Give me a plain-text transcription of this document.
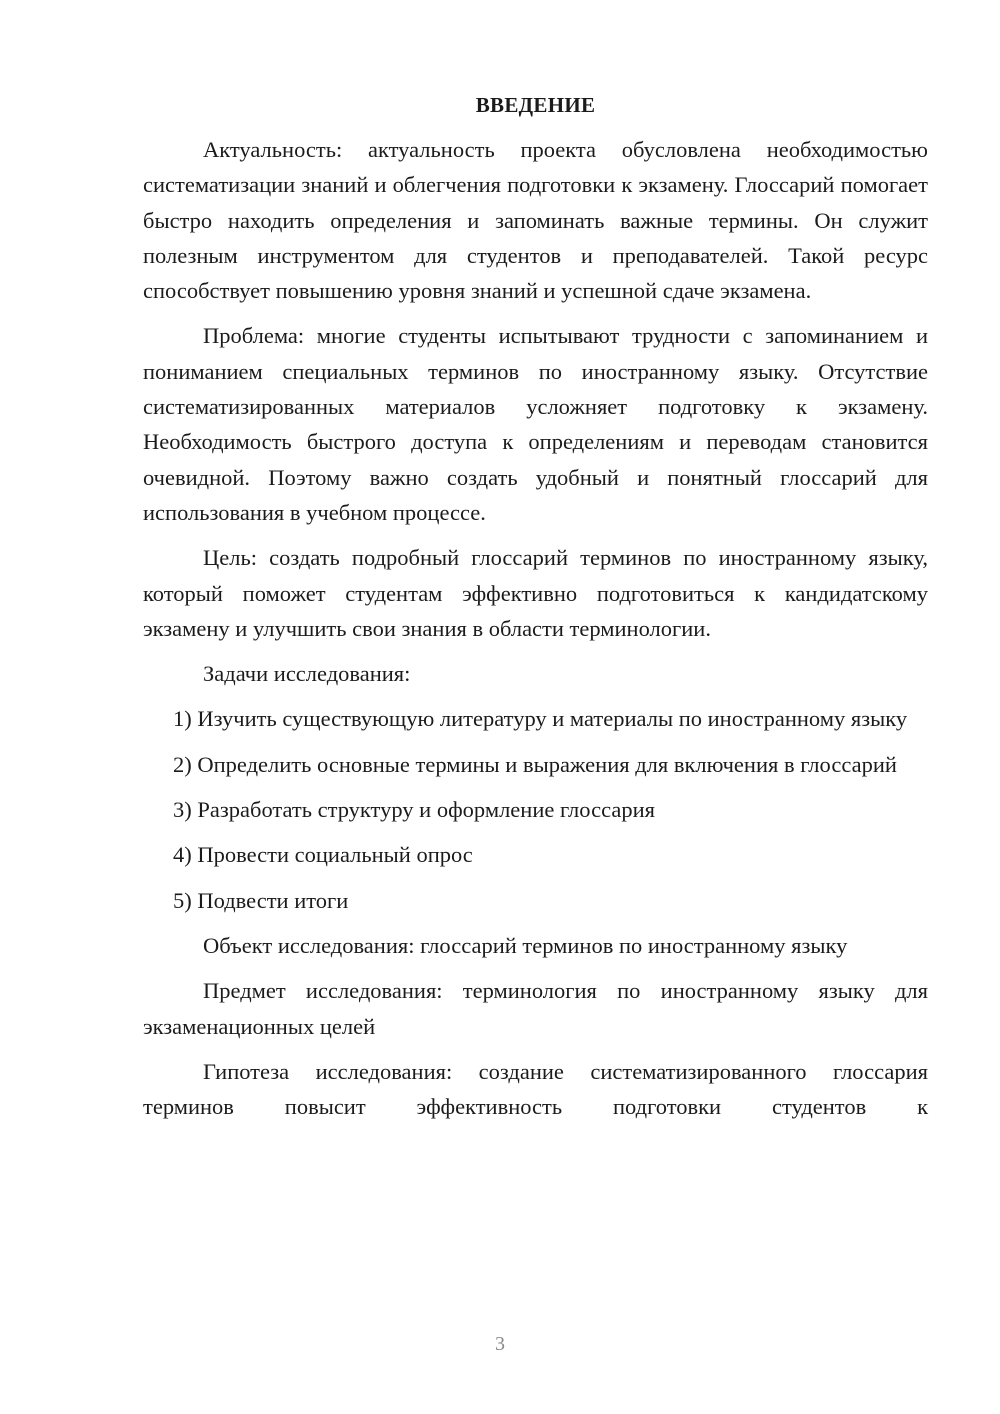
ВВЕДЕНИЕ

Актуальность: актуальность проекта обусловлена необходимостью систематизации знаний и облегчения подготовки к экзамену. Глоссарий помогает быстро находить определения и запоминать важные термины. Он служит полезным инструментом для студентов и преподавателей. Такой ресурс способствует повышению уровня знаний и успешной сдаче экзамена.

Проблема: многие студенты испытывают трудности с запоминанием и пониманием специальных терминов по иностранному языку. Отсутствие систематизированных материалов усложняет подготовку к экзамену. Необходимость быстрого доступа к определениям и переводам становится очевидной. Поэтому важно создать удобный и понятный глоссарий для использования в учебном процессе.

Цель: создать подробный глоссарий терминов по иностранному языку, который поможет студентам эффективно подготовиться к кандидатскому экзамену и улучшить свои знания в области терминологии.

Задачи исследования:

1) Изучить существующую литературу и материалы по иностранному языку

2) Определить основные термины и выражения для включения в глоссарий

3) Разработать структуру и оформление глоссария

4) Провести социальный опрос

5) Подвести итоги

Объект исследования: глоссарий терминов по иностранному языку

Предмет исследования: терминология по иностранному языку для экзаменационных целей

Гипотеза исследования: создание систематизированного глоссария терминов повысит эффективность подготовки студентов к

3
